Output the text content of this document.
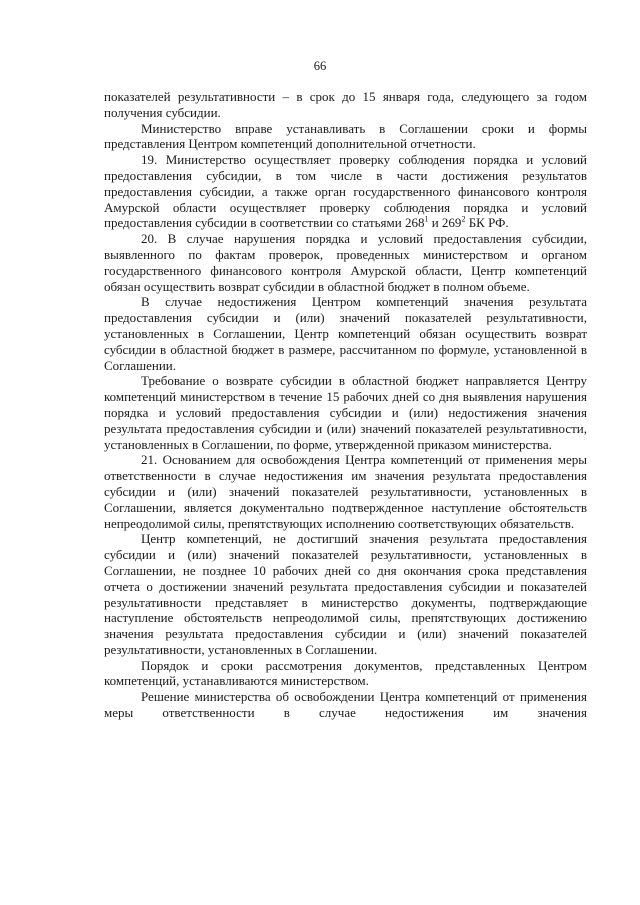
66

показателей результативности – в срок до 15 января года, следующего за годом получения субсидии.

Министерство вправе устанавливать в Соглашении сроки и формы представления Центром компетенций дополнительной отчетности.

19. Министерство осуществляет проверку соблюдения порядка и условий предоставления субсидии, в том числе в части достижения результатов предоставления субсидии, а также орган государственного финансового контроля Амурской области осуществляет проверку соблюдения порядка и условий предоставления субсидии в соответствии со статьями $268^1$ и $269^2$ БК РФ.

20. В случае нарушения порядка и условий предоставления субсидии, выявленного по фактам проверок, проведенных министерством и органом государственного финансового контроля Амурской области, Центр компетенций обязан осуществить возврат субсидии в областной бюджет в полном объеме.

В случае недостижения Центром компетенций значения результата предоставления субсидии и (или) значений показателей результативности, установленных в Соглашении, Центр компетенций обязан осуществить возврат субсидии в областной бюджет в размере, рассчитанном по формуле, установленной в Соглашении.

Требование о возврате субсидии в областной бюджет направляется Центру компетенций министерством в течение 15 рабочих дней со дня выявления нарушения порядка и условий предоставления субсидии и (или) недостижения значения результата предоставления субсидии и (или) значений показателей результативности, установленных в Соглашении, по форме, утвержденной приказом министерства.

21. Основанием для освобождения Центра компетенций от применения меры ответственности в случае недостижения им значения результата предоставления субсидии и (или) значений показателей результативности, установленных в Соглашении, является документально подтвержденное наступление обстоятельств непреодолимой силы, препятствующих исполнению соответствующих обязательств.

Центр компетенций, не достигший значения результата предоставления субсидии и (или) значений показателей результативности, установленных в Соглашении, не позднее 10 рабочих дней со дня окончания срока представления отчета о достижении значений результата предоставления субсидии и показателей результативности представляет в министерство документы, подтверждающие наступление обстоятельств непреодолимой силы, препятствующих достижению значения результата предоставления субсидии и (или) значений показателей результативности, установленных в Соглашении.

Порядок и сроки рассмотрения документов, представленных Центром компетенций, устанавливаются министерством.

Решение министерства об освобождении Центра компетенций от применения меры ответственности в случае недостижения им значения
